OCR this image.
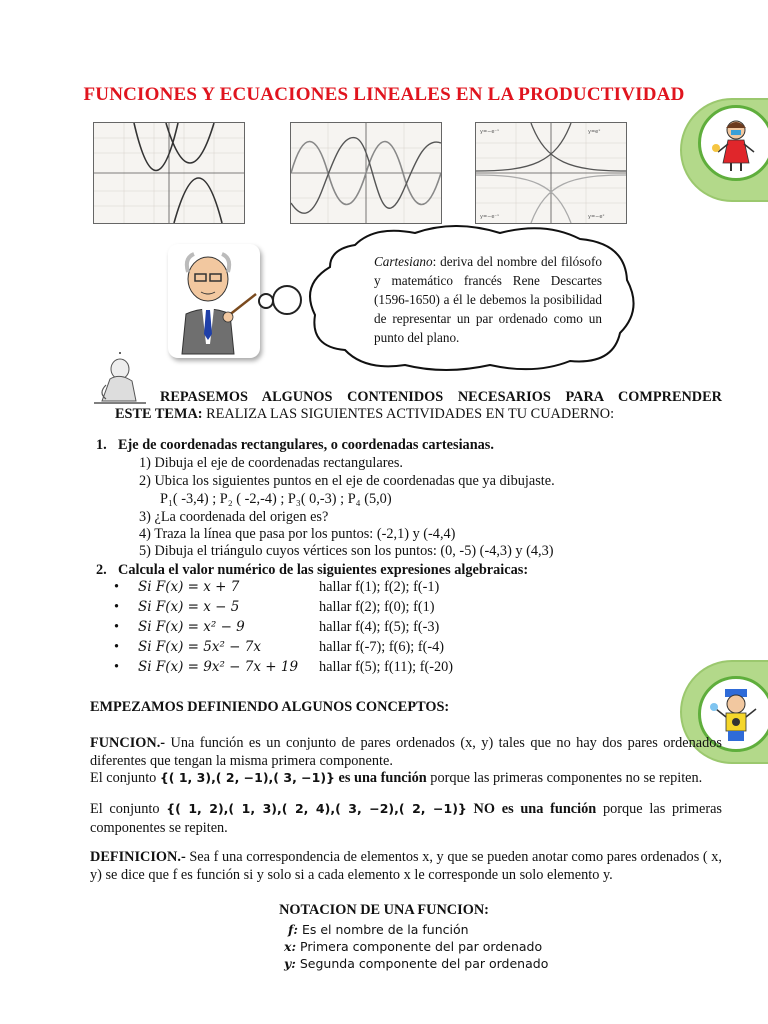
FUNCIONES Y ECUACIONES LINEALES EN LA PRODUCTIVIDAD
y=−e⁻ˣ	y=eˣ
y=−e⁻ˣ	y=−eˣ
Cartesiano: deriva del nombre del filósofo y matemático francés Rene Descartes (1596-1650) a él le debemos la posibilidad de representar un par ordenado como un punto del plano.
REPASEMOS ALGUNOS CONTENIDOS NECESARIOS PARA COMPRENDER
ESTE TEMA: REALIZA LAS SIGUIENTES ACTIVIDADES EN TU CUADERNO:
1. Eje de coordenadas rectangulares, o coordenadas cartesianas.
1) Dibuja el eje de coordenadas rectangulares.
2) Ubica los siguientes puntos en el eje de coordenadas que ya dibujaste.
P₁( -3,4) ; P₂ ( -2,-4) ; P₃( 0,-3) ; P₄ (5,0)
3) ¿La coordenada del origen es?
4) Traza la línea que pasa por los puntos: (-2,1) y (-4,4)
5) Dibuja el triángulo cuyos vértices son los puntos: (0, -5) (-4,3) y (4,3)
2. Calcula el valor numérico de las siguientes expresiones algebraicas:
• Si F(x) = x + 7	hallar f(1); f(2); f(-1)
• Si F(x) = x − 5	hallar f(2); f(0); f(1)
• Si F(x) = x² − 9	hallar f(4); f(5); f(-3)
• Si F(x) = 5x² − 7x	hallar f(-7); f(6); f(-4)
• Si F(x) = 9x² − 7x + 19 hallar f(5); f(11); f(-20)
EMPEZAMOS DEFINIENDO ALGUNOS CONCEPTOS:
FUNCION.- Una función es un conjunto de pares ordenados (x, y) tales que no hay dos pares ordenados diferentes que tengan la misma primera componente.
El conjunto {( 1, 3),( 2, −1),( 3, −1)} es una función porque las primeras componentes no se repiten.
El conjunto {( 1, 2),( 1, 3),( 2, 4),( 3, −2),( 2, −1)} NO es una función porque las primeras componentes se repiten.
DEFINICION.- Sea f una correspondencia de elementos x, y que se pueden anotar como pares ordenados ( x, y) se dice que f es función si y solo si a cada elemento x le corresponde un solo elemento y.
NOTACION DE UNA FUNCION:
f: Es el nombre de la función
x: Primera componente del par ordenado
y: Segunda componente del par ordenado
